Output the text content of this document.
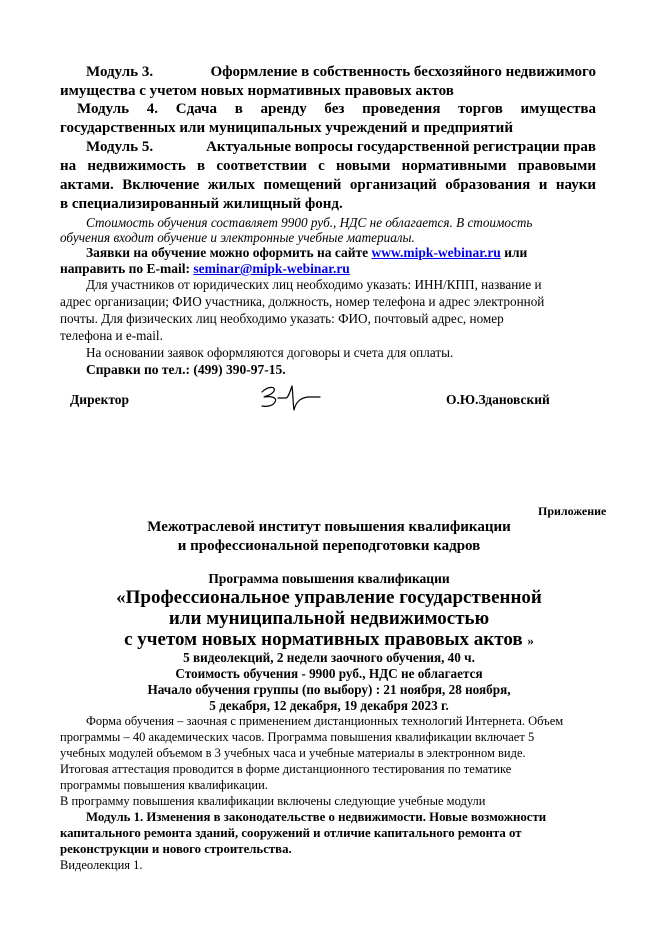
Модуль 3.	Оформление в собственность бесхозяйного недвижимого

имущества с учетом новых нормативных правовых актов

Модуль 4. Сдача в аренду без проведения торгов имущества

государственных или муниципальных учреждений и предприятий

Модуль 5.	Актуальные вопросы государственной регистрации прав

на недвижимость в соответствии с новыми нормативными правовыми

актами. Включение жилых помещений организаций образования и науки

в специализированный жилищный фонд.

Стоимость обучения составляет 9900 руб., НДС не облагается. В стоимость

обучения входит обучение и электронные учебные материалы.

Заявки на обучение можно оформить на сайте www.mipk-webinar.ru или

направить по E-mail: seminar@mipk-webinar.ru

Для участников от юридических лиц необходимо указать: ИНН/КПП, название и

адрес организации; ФИО участника, должность, номер телефона и адрес электронной

почты. Для физических лиц необходимо указать: ФИО, почтовый адрес, номер

телефона и e-mail.

На основании заявок оформляются договоры и счета для оплаты.

Справки по тел.: (499) 390-97-15.

Директор	О.Ю.Здановский

Приложение

Межотраслевой институт повышения квалификации

и профессиональной переподготовки кадров

Программа повышения квалификации

«Профессиональное управление государственной

или муниципальной недвижимостью

с учетом новых нормативных правовых актов »

5 видеолекций, 2 недели заочного обучения, 40 ч.

Стоимость обучения - 9900 руб., НДС не облагается

Начало обучения группы (по выбору) : 21 ноября, 28 ноября,

5 декабря, 12 декабря, 19 декабря 2023 г.

Форма обучения – заочная с применением дистанционных технологий Интернета. Объем

программы – 40 академических часов. Программа повышения квалификации включает 5

учебных модулей объемом в 3 учебных часа и учебные материалы в электронном виде.

Итоговая аттестация проводится в форме дистанционного тестирования по тематике

программы повышения квалификации.

В программу повышения квалификации включены следующие учебные модули

Модуль 1. Изменения в законодательстве о недвижимости. Новые возможности

капитального ремонта зданий, сооружений и отличие капитального ремонта от

реконструкции и нового строительства.

Видеолекция 1.
